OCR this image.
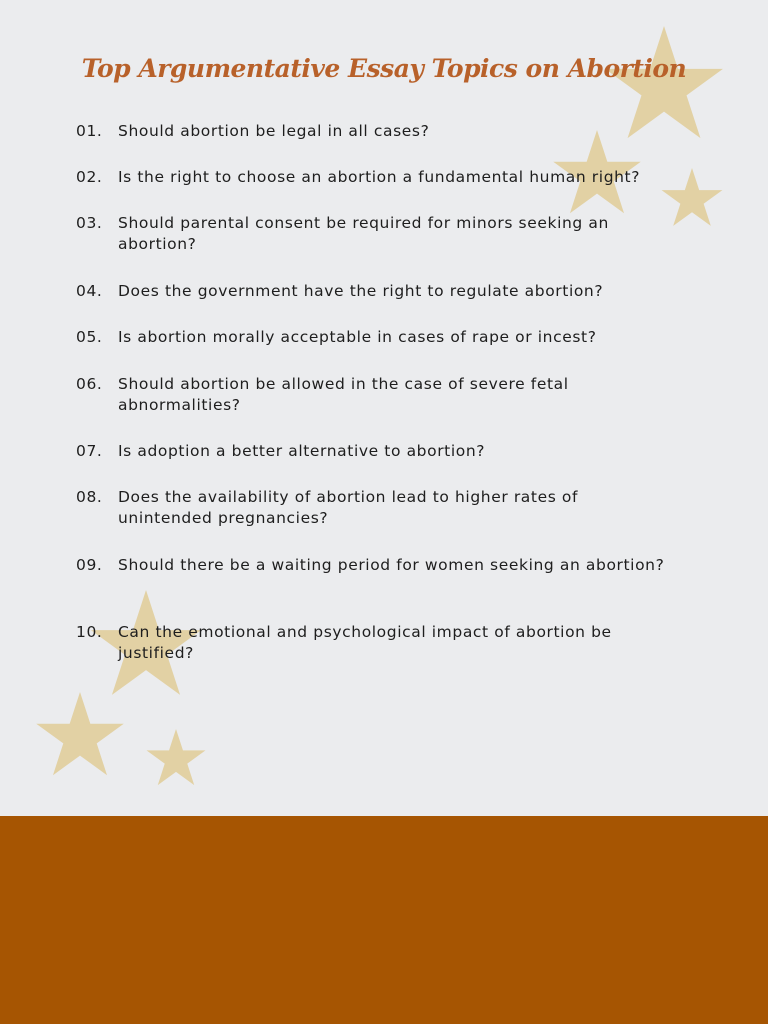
Top Argumentative Essay Topics on Abortion
01. Should abortion be legal in all cases?
02. Is the right to choose an abortion a fundamental human right?
03. Should parental consent be required for minors seeking an abortion?
04. Does the government have the right to regulate abortion?
05. Is abortion morally acceptable in cases of rape or incest?
06. Should abortion be allowed in the case of severe fetal abnormalities?
07. Is adoption a better alternative to abortion?
08. Does the availability of abortion lead to higher rates of unintended pregnancies?
09. Should there be a waiting period for women seeking an abortion?
10. Can the emotional and psychological impact of abortion be justified?
